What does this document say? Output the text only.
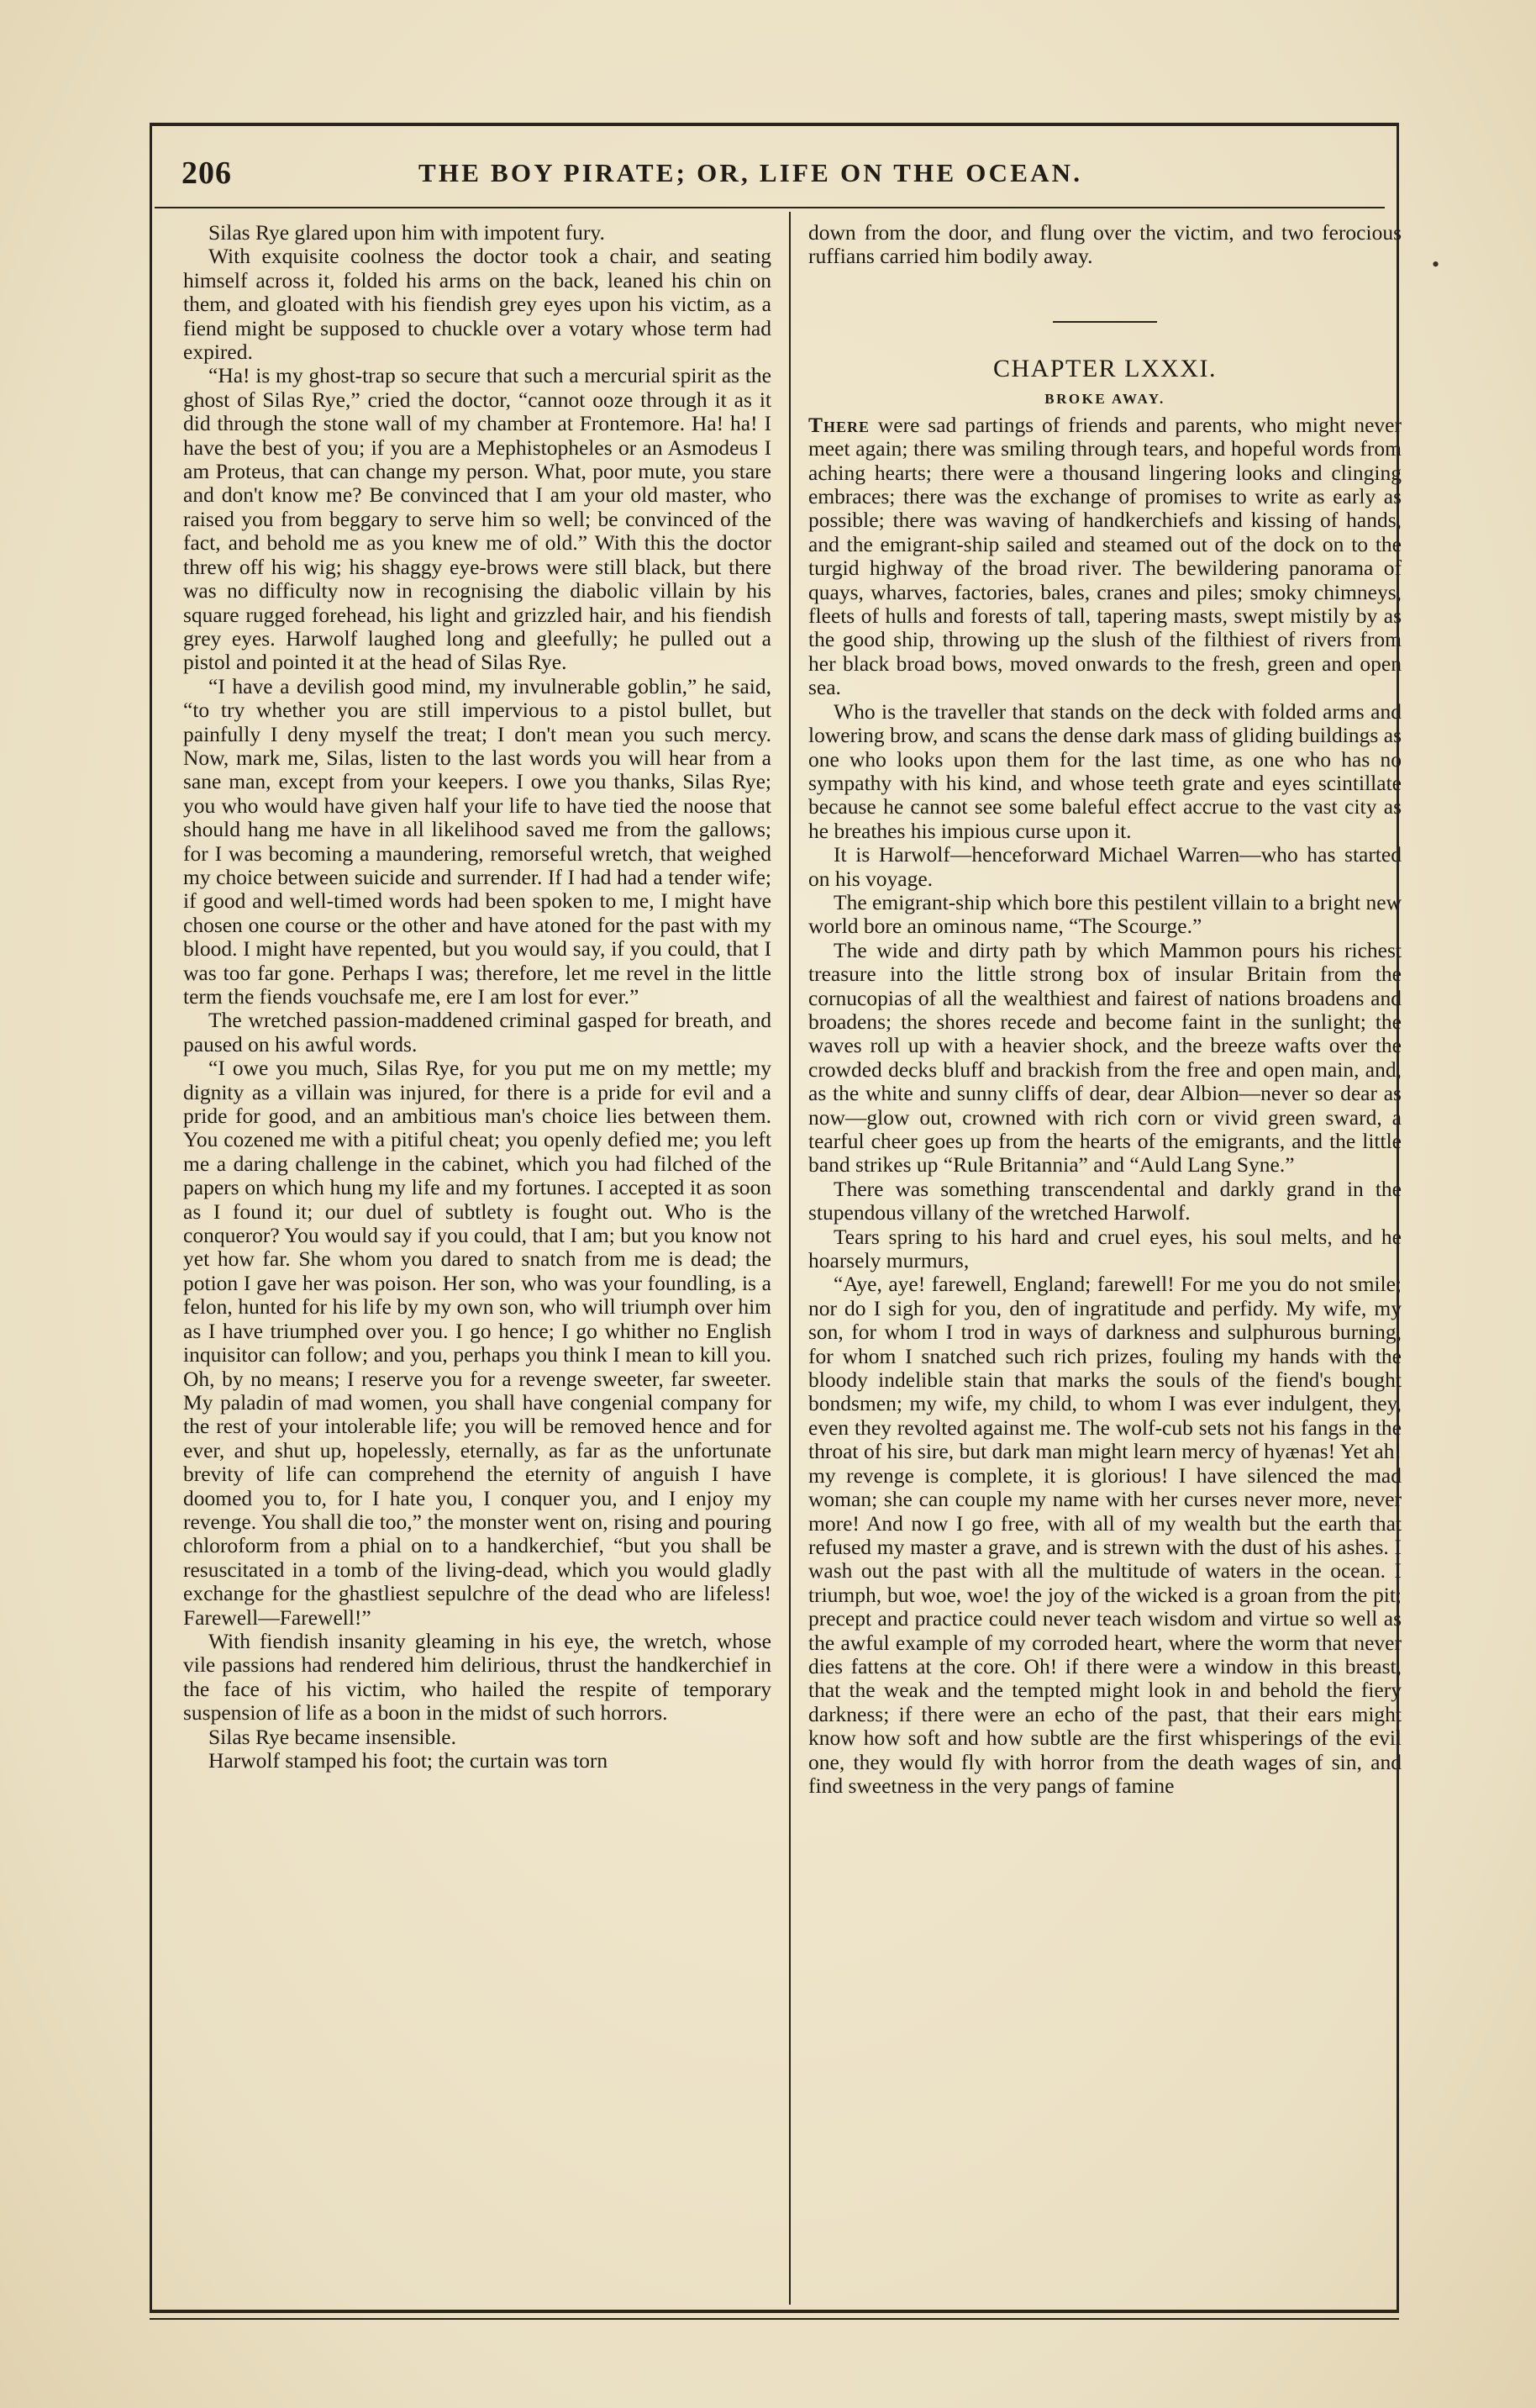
206	THE BOY PIRATE; OR, LIFE ON THE OCEAN.

Silas Rye glared upon him with impotent fury.

With exquisite coolness the doctor took a chair, and seating himself across it, folded his arms on the back, leaned his chin on them, and gloated with his fiendish grey eyes upon his victim, as a fiend might be supposed to chuckle over a votary whose term had expired.

“Ha! is my ghost-trap so secure that such a mercurial spirit as the ghost of Silas Rye,” cried the doctor, “cannot ooze through it as it did through the stone wall of my chamber at Frontemore. Ha! ha! I have the best of you; if you are a Mephistopheles or an Asmodeus I am Proteus, that can change my person. What, poor mute, you stare and don't know me? Be convinced that I am your old master, who raised you from beggary to serve him so well; be convinced of the fact, and behold me as you knew me of old.” With this the doctor threw off his wig; his shaggy eye-brows were still black, but there was no difficulty now in recognising the diabolic villain by his square rugged forehead, his light and grizzled hair, and his fiendish grey eyes. Harwolf laughed long and gleefully; he pulled out a pistol and pointed it at the head of Silas Rye.

“I have a devilish good mind, my invulnerable goblin,” he said, “to try whether you are still impervious to a pistol bullet, but painfully I deny myself the treat; I don't mean you such mercy. Now, mark me, Silas, listen to the last words you will hear from a sane man, except from your keepers. I owe you thanks, Silas Rye; you who would have given half your life to have tied the noose that should hang me have in all likelihood saved me from the gallows; for I was becoming a maundering, remorseful wretch, that weighed my choice between suicide and surrender. If I had had a tender wife; if good and well-timed words had been spoken to me, I might have chosen one course or the other and have atoned for the past with my blood. I might have repented, but you would say, if you could, that I was too far gone. Perhaps I was; therefore, let me revel in the little term the fiends vouchsafe me, ere I am lost for ever.”

The wretched passion-maddened criminal gasped for breath, and paused on his awful words.

“I owe you much, Silas Rye, for you put me on my mettle; my dignity as a villain was injured, for there is a pride for evil and a pride for good, and an ambitious man's choice lies between them. You cozened me with a pitiful cheat; you openly defied me; you left me a daring challenge in the cabinet, which you had filched of the papers on which hung my life and my fortunes. I accepted it as soon as I found it; our duel of subtlety is fought out. Who is the conqueror? You would say if you could, that I am; but you know not yet how far. She whom you dared to snatch from me is dead; the potion I gave her was poison. Her son, who was your foundling, is a felon, hunted for his life by my own son, who will triumph over him as I have triumphed over you. I go hence; I go whither no English inquisitor can follow; and you, perhaps you think I mean to kill you. Oh, by no means; I reserve you for a revenge sweeter, far sweeter. My paladin of mad women, you shall have congenial company for the rest of your intolerable life; you will be removed hence and for ever, and shut up, hopelessly, eternally, as far as the unfortunate brevity of life can comprehend the eternity of anguish I have doomed you to, for I hate you, I conquer you, and I enjoy my revenge. You shall die too,” the monster went on, rising and pouring chloroform from a phial on to a handkerchief, “but you shall be resuscitated in a tomb of the living-dead, which you would gladly exchange for the ghastliest sepulchre of the dead who are lifeless! Farewell—Farewell!”

With fiendish insanity gleaming in his eye, the wretch, whose vile passions had rendered him delirious, thrust the handkerchief in the face of his victim, who hailed the respite of temporary suspension of life as a boon in the midst of such horrors.

Silas Rye became insensible.

Harwolf stamped his foot; the curtain was torn

down from the door, and flung over the victim, and two ferocious ruffians carried him bodily away.

CHAPTER LXXXI.
BROKE AWAY.

There were sad partings of friends and parents, who might never meet again; there was smiling through tears, and hopeful words from aching hearts; there were a thousand lingering looks and clinging embraces; there was the exchange of promises to write as early as possible; there was waving of handkerchiefs and kissing of hands, and the emigrant-ship sailed and steamed out of the dock on to the turgid highway of the broad river. The bewildering panorama of quays, wharves, factories, bales, cranes and piles; smoky chimneys, fleets of hulls and forests of tall, tapering masts, swept mistily by as the good ship, throwing up the slush of the filthiest of rivers from her black broad bows, moved onwards to the fresh, green and open sea.

Who is the traveller that stands on the deck with folded arms and lowering brow, and scans the dense dark mass of gliding buildings as one who looks upon them for the last time, as one who has no sympathy with his kind, and whose teeth grate and eyes scintillate because he cannot see some baleful effect accrue to the vast city as he breathes his impious curse upon it.

It is Harwolf—henceforward Michael Warren—who has started on his voyage.

The emigrant-ship which bore this pestilent villain to a bright new world bore an ominous name, “The Scourge.”

The wide and dirty path by which Mammon pours his richest treasure into the little strong box of insular Britain from the cornucopias of all the wealthiest and fairest of nations broadens and broadens; the shores recede and become faint in the sunlight; the waves roll up with a heavier shock, and the breeze wafts over the crowded decks bluff and brackish from the free and open main, and, as the white and sunny cliffs of dear, dear Albion—never so dear as now—glow out, crowned with rich corn or vivid green sward, a tearful cheer goes up from the hearts of the emigrants, and the little band strikes up “Rule Britannia” and “Auld Lang Syne.”

There was something transcendental and darkly grand in the stupendous villany of the wretched Harwolf.

Tears spring to his hard and cruel eyes, his soul melts, and he hoarsely murmurs,

“Aye, aye! farewell, England; farewell! For me you do not smile; nor do I sigh for you, den of ingratitude and perfidy. My wife, my son, for whom I trod in ways of darkness and sulphurous burning, for whom I snatched such rich prizes, fouling my hands with the bloody indelible stain that marks the souls of the fiend's bought bondsmen; my wife, my child, to whom I was ever indulgent, they, even they revolted against me. The wolf-cub sets not his fangs in the throat of his sire, but dark man might learn mercy of hyænas! Yet ah! my revenge is complete, it is glorious! I have silenced the mad woman; she can couple my name with her curses never more, never more! And now I go free, with all of my wealth but the earth that refused my master a grave, and is strewn with the dust of his ashes. I wash out the past with all the multitude of waters in the ocean. I triumph, but woe, woe! the joy of the wicked is a groan from the pit; precept and practice could never teach wisdom and virtue so well as the awful example of my corroded heart, where the worm that never dies fattens at the core. Oh! if there were a window in this breast, that the weak and the tempted might look in and behold the fiery darkness; if there were an echo of the past, that their ears might know how soft and how subtle are the first whisperings of the evil one, they would fly with horror from the death wages of sin, and find sweetness in the very pangs of famine

•
